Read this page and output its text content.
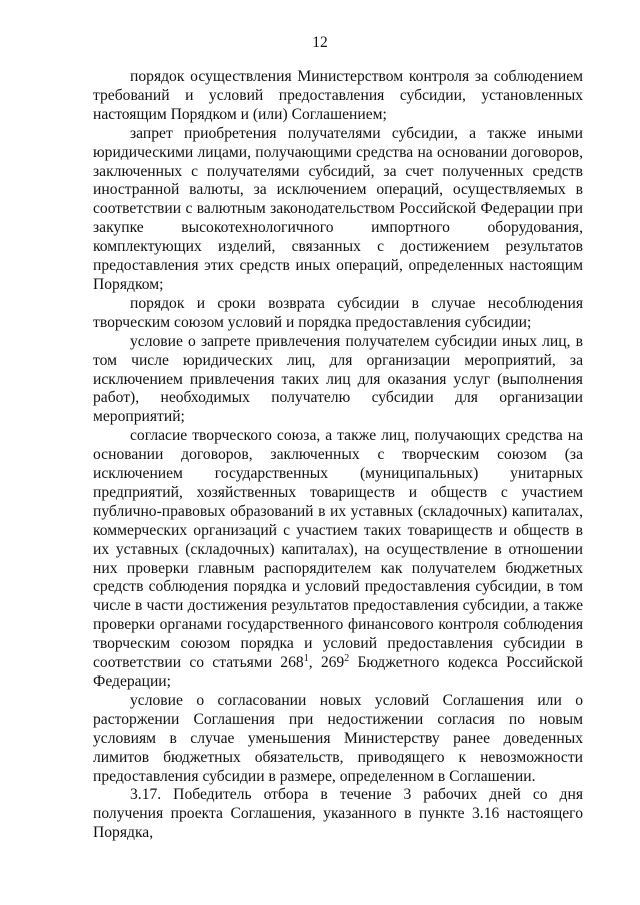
12

порядок осуществления Министерством контроля за соблюдением требований и условий предоставления субсидии, установленных настоящим Порядком и (или) Соглашением;

запрет приобретения получателями субсидии, а также иными юридическими лицами, получающими средства на основании договоров, заключенных с получателями субсидий, за счет полученных средств иностранной валюты, за исключением операций, осуществляемых в соответствии с валютным законодательством Российской Федерации при закупке высокотехнологичного импортного оборудования, комплектующих изделий, связанных с достижением результатов предоставления этих средств иных операций, определенных настоящим Порядком;

порядок и сроки возврата субсидии в случае несоблюдения творческим союзом условий и порядка предоставления субсидии;

условие о запрете привлечения получателем субсидии иных лиц, в том числе юридических лиц, для организации мероприятий, за исключением привлечения таких лиц для оказания услуг (выполнения работ), необходимых получателю субсидии для организации мероприятий;

согласие творческого союза, а также лиц, получающих средства на основании договоров, заключенных с творческим союзом (за исключением государственных (муниципальных) унитарных предприятий, хозяйственных товариществ и обществ с участием публично-правовых образований в их уставных (складочных) капиталах, коммерческих организаций с участием таких товариществ и обществ в их уставных (складочных) капиталах), на осуществление в отношении них проверки главным распорядителем как получателем бюджетных средств соблюдения порядка и условий предоставления субсидии, в том числе в части достижения результатов предоставления субсидии, а также проверки органами государственного финансового контроля соблюдения творческим союзом порядка и условий предоставления субсидии в соответствии со статьями $268^1$, $269^2$ Бюджетного кодекса Российской Федерации;

условие о согласовании новых условий Соглашения или о расторжении Соглашения при недостижении согласия по новым условиям в случае уменьшения Министерству ранее доведенных лимитов бюджетных обязательств, приводящего к невозможности предоставления субсидии в размере, определенном в Соглашении.

3.17. Победитель отбора в течение 3 рабочих дней со дня получения проекта Соглашения, указанного в пункте 3.16 настоящего Порядка,
